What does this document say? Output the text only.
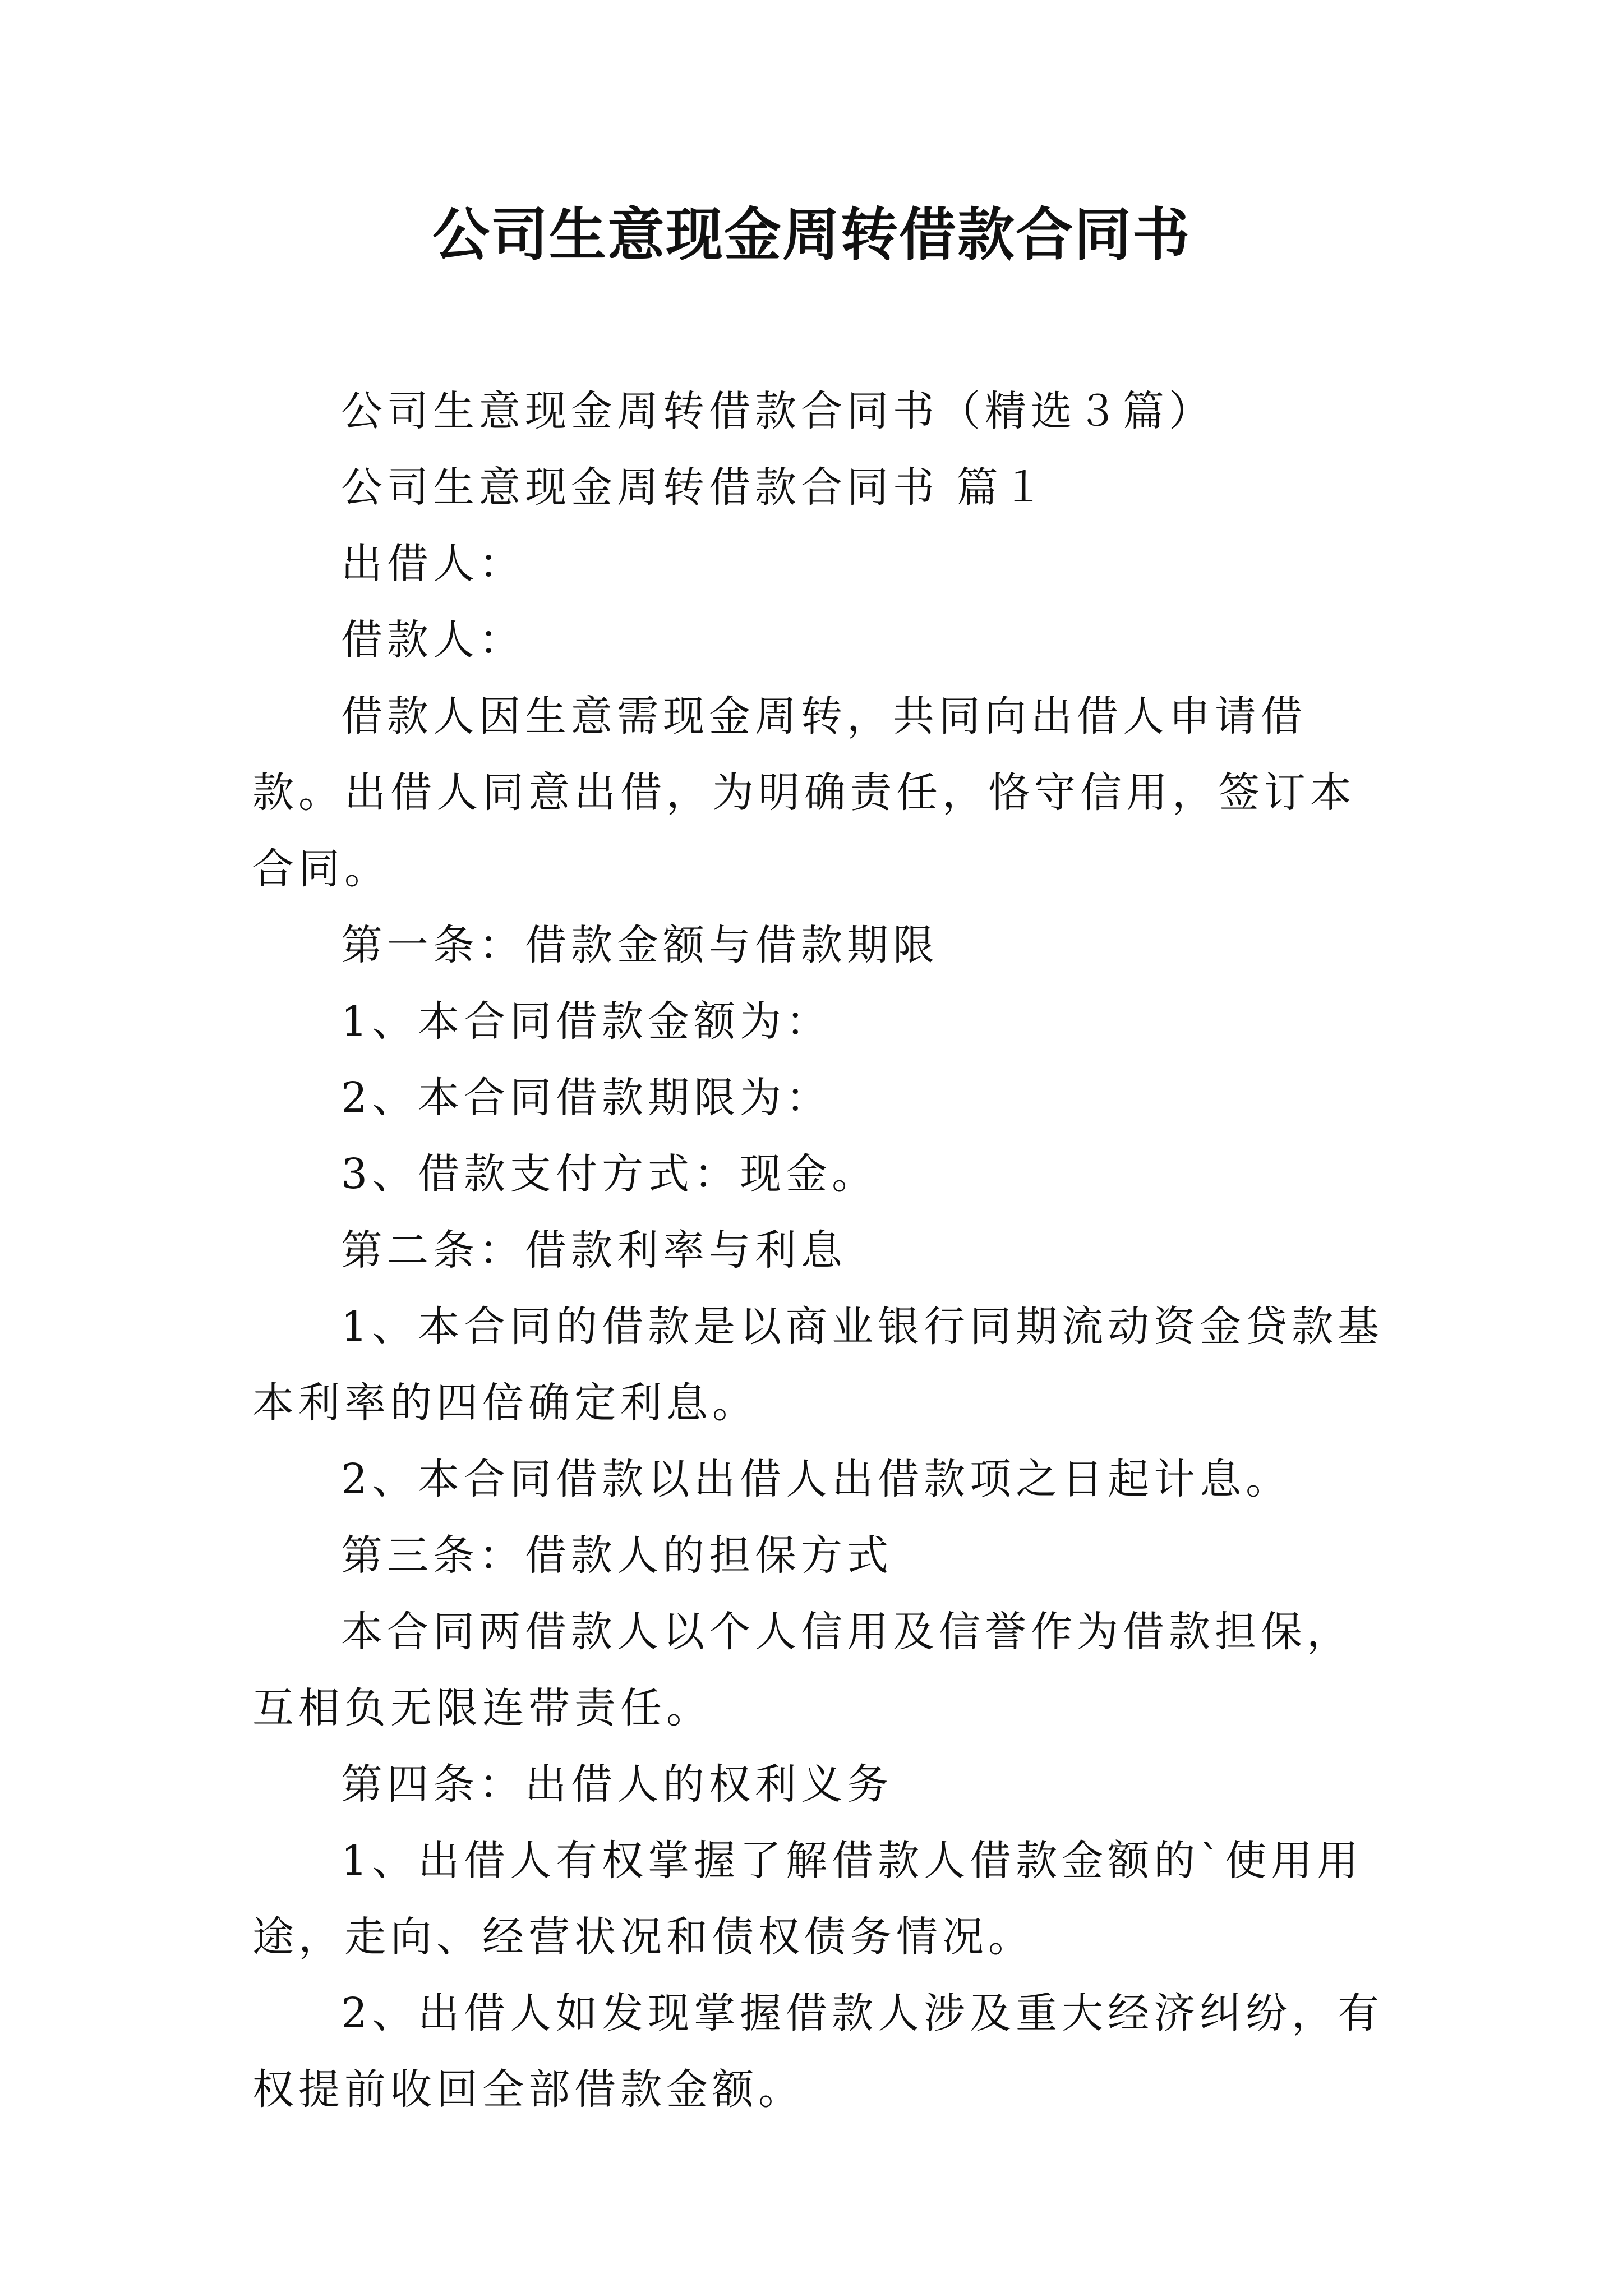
公司生意现金周转借款合同书

公司生意现金周转借款合同书（精选３篇）

公司生意现金周转借款合同书 篇１

出借人：

借款人：

借款人因生意需现金周转，共同向出借人申请借款。出借人同意出借，为明确责任，恪守信用，签订本合同。

第一条：借款金额与借款期限

1、本合同借款金额为：

2、本合同借款期限为：

3、借款支付方式：现金。

第二条：借款利率与利息

1、本合同的借款是以商业银行同期流动资金贷款基本利率的四倍确定利息。

2、本合同借款以出借人出借款项之日起计息。

第三条：借款人的担保方式

本合同两借款人以个人信用及信誉作为借款担保，互相负无限连带责任。

第四条：出借人的权利义务

1、出借人有权掌握了解借款人借款金额的`使用用途，走向、经营状况和债权债务情况。

2、出借人如发现掌握借款人涉及重大经济纠纷，有权提前收回全部借款金额。
